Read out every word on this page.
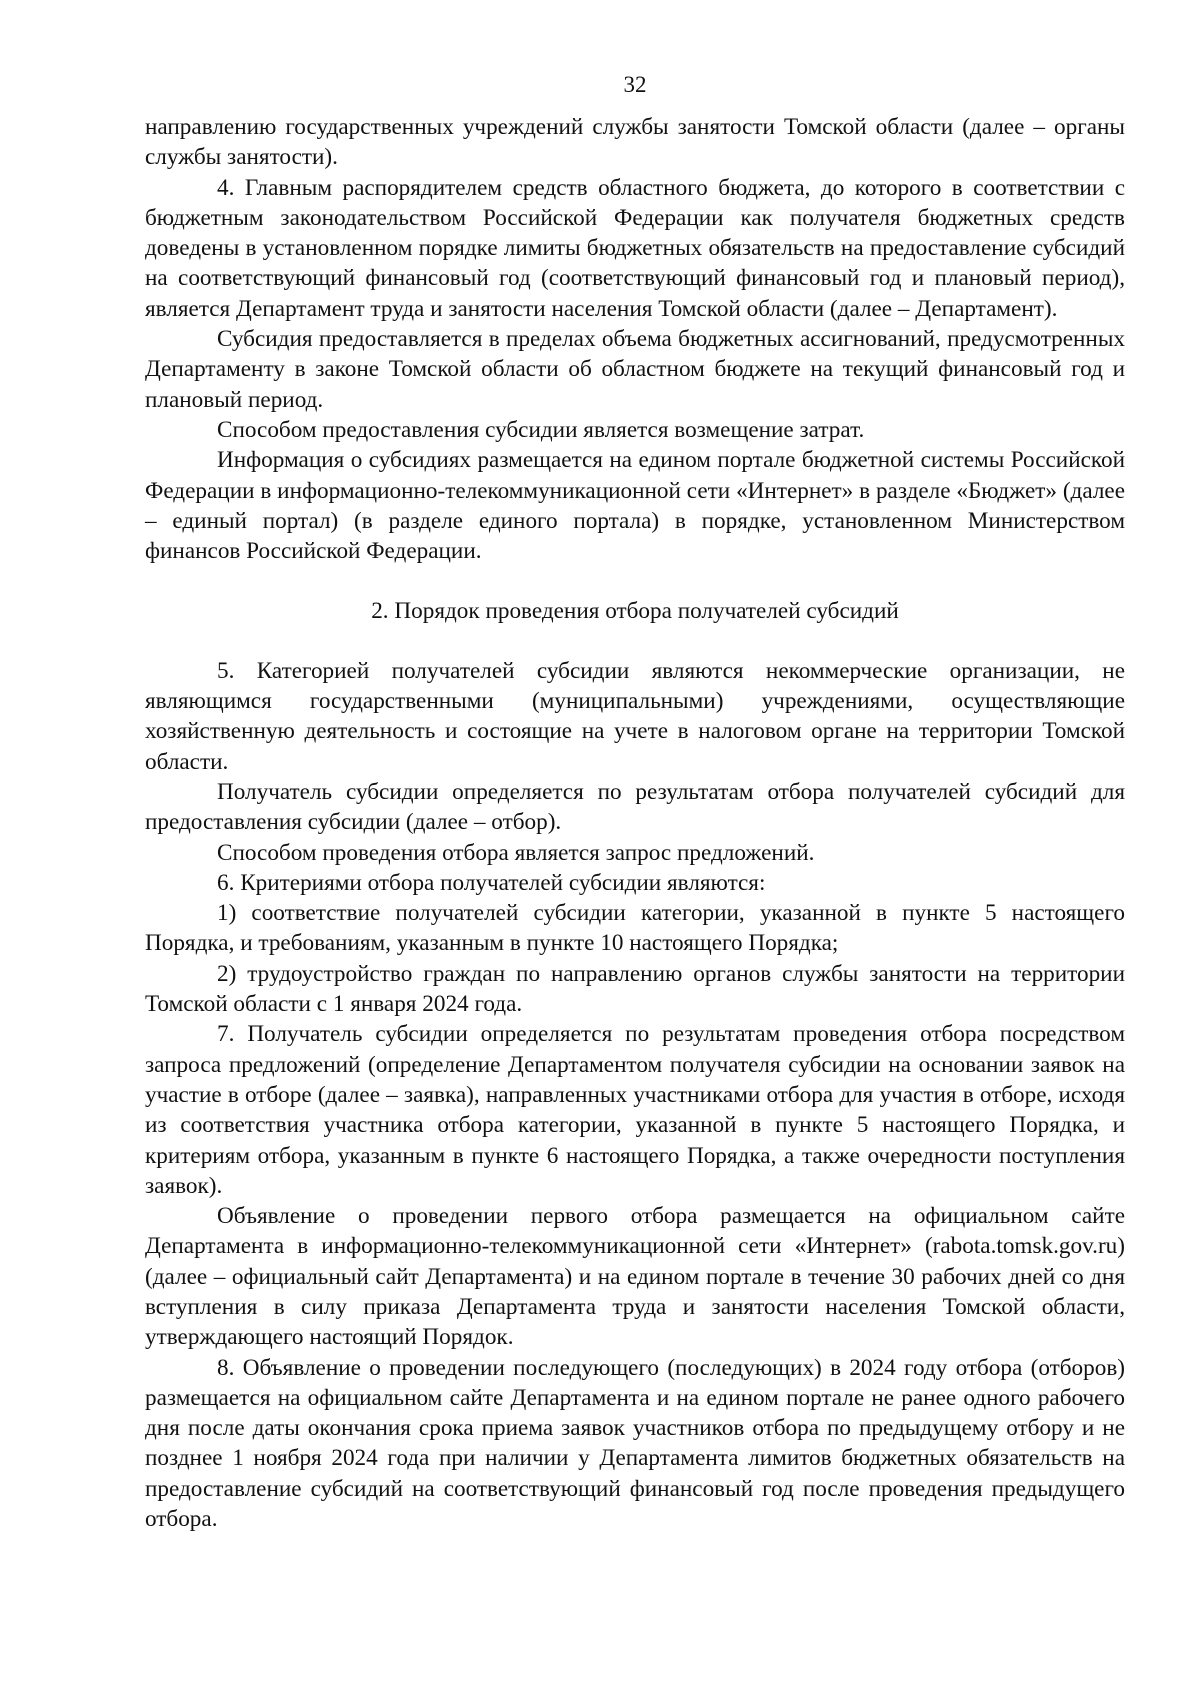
32

направлению государственных учреждений службы занятости Томской области (далее – органы службы занятости).

4. Главным распорядителем средств областного бюджета, до которого в соответствии с бюджетным законодательством Российской Федерации как получателя бюджетных средств доведены в установленном порядке лимиты бюджетных обязательств на предоставление субсидий на соответствующий финансовый год (соответствующий финансовый год и плановый период), является Департамент труда и занятости населения Томской области (далее – Департамент).

Субсидия предоставляется в пределах объема бюджетных ассигнований, предусмотренных Департаменту в законе Томской области об областном бюджете на текущий финансовый год и плановый период.

Способом предоставления субсидии является возмещение затрат.

Информация о субсидиях размещается на едином портале бюджетной системы Российской Федерации в информационно-телекоммуникационной сети «Интернет» в разделе «Бюджет» (далее – единый портал) (в разделе единого портала) в порядке, установленном Министерством финансов Российской Федерации.

2. Порядок проведения отбора получателей субсидий

5. Категорией получателей субсидии являются некоммерческие организации, не являющимся государственными (муниципальными) учреждениями, осуществляющие хозяйственную деятельность и состоящие на учете в налоговом органе на территории Томской области.

Получатель субсидии определяется по результатам отбора получателей субсидий для предоставления субсидии (далее – отбор).

Способом проведения отбора является запрос предложений.

6. Критериями отбора получателей субсидии являются:

1) соответствие получателей субсидии категории, указанной в пункте 5 настоящего Порядка, и требованиям, указанным в пункте 10 настоящего Порядка;

2) трудоустройство граждан по направлению органов службы занятости на территории Томской области с 1 января 2024 года.

7. Получатель субсидии определяется по результатам проведения отбора посредством запроса предложений (определение Департаментом получателя субсидии на основании заявок на участие в отборе (далее – заявка), направленных участниками отбора для участия в отборе, исходя из соответствия участника отбора категории, указанной в пункте 5 настоящего Порядка, и критериям отбора, указанным в пункте 6 настоящего Порядка, а также очередности поступления заявок).

Объявление о проведении первого отбора размещается на официальном сайте Департамента в информационно-телекоммуникационной сети «Интернет» (rabota.tomsk.gov.ru) (далее – официальный сайт Департамента) и на едином портале в течение 30 рабочих дней со дня вступления в силу приказа Департамента труда и занятости населения Томской области, утверждающего настоящий Порядок.

8. Объявление о проведении последующего (последующих) в 2024 году отбора (отборов) размещается на официальном сайте Департамента и на едином портале не ранее одного рабочего дня после даты окончания срока приема заявок участников отбора по предыдущему отбору и не позднее 1 ноября 2024 года при наличии у Департамента лимитов бюджетных обязательств на предоставление субсидий на соответствующий финансовый год после проведения предыдущего отбора.
